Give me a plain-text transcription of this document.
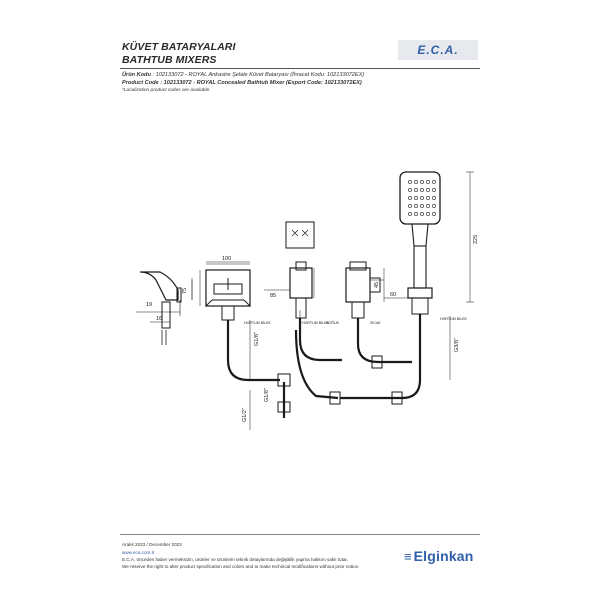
KÜVET BATARYALARI
BATHTUB MIXERS
E.C.A.
Ürün Kodu : 102133072 - ROYAL Ankastre Şelale Küvet Bataryası (İhracat Kodu: 102133072EX)
Product Code : 102133072 - ROYAL Concealed Bathtub Mixer (Export Code: 102133072EX)
*Localization product codes are available.
100
75
16
19
85
45
60
225
G1/8"
G1/2"
G1/8"
G3/8"
HORTUM BİLEK	HORTUM BİLEK
HORTUM BİLEK
SOĞUK	SICAK
Aralık 2023 / December 2023
www.eca.com.tr
E.C.A. önceden haber vermeksizin, ürünler ve ürünlerin teknik detaylarında değişiklik yapma hakkını saklı tutar.
We reserve the right to alter product specification and colors and to make technical modifications without prior notice.
≡ Elginkan
